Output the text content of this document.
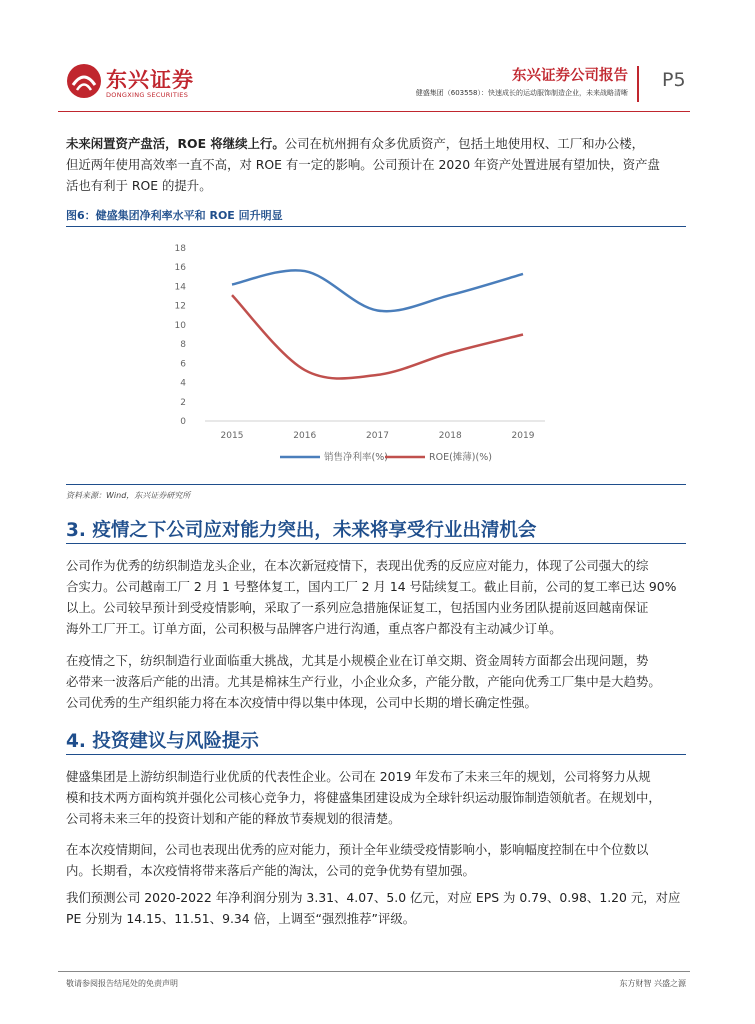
东兴证券
DONGXING SECURITIES
东兴证券公司报告
健盛集团（603558）：快速成长的运动服饰制造企业，未来战略清晰
P5

未来闲置资产盘活，ROE 将继续上行。公司在杭州拥有众多优质资产，包括土地使用权、工厂和办公楼，
但近两年使用高效率一直不高，对 ROE 有一定的影响。公司预计在 2020 年资产处置进展有望加快，资产盘
活也有利于 ROE 的提升。

图6：健盛集团净利率水平和 ROE 回升明显
0
2
4
6
8
10
12
14
16
18
2015	2016	2017	2018	2019
销售净利率(%)	ROE(摊薄)(%)
资料来源：Wind，东兴证券研究所
3. 疫情之下公司应对能力突出，未来将享受行业出清机会

公司作为优秀的纺织制造龙头企业，在本次新冠疫情下，表现出优秀的反应应对能力，体现了公司强大的综
合实力。公司越南工厂 2 月 1 号整体复工，国内工厂 2 月 14 号陆续复工。截止目前，公司的复工率已达 90%
以上。公司较早预计到受疫情影响，采取了一系列应急措施保证复工，包括国内业务团队提前返回越南保证
海外工厂开工。订单方面，公司积极与品牌客户进行沟通，重点客户都没有主动减少订单。

在疫情之下，纺织制造行业面临重大挑战，尤其是小规模企业在订单交期、资金周转方面都会出现问题，势
必带来一波落后产能的出清。尤其是棉袜生产行业，小企业众多，产能分散，产能向优秀工厂集中是大趋势。
公司优秀的生产组织能力将在本次疫情中得以集中体现，公司中长期的增长确定性强。

4. 投资建议与风险提示

健盛集团是上游纺织制造行业优质的代表性企业。公司在 2019 年发布了未来三年的规划，公司将努力从规
模和技术两方面构筑并强化公司核心竞争力，将健盛集团建设成为全球针织运动服饰制造领航者。在规划中，
公司将未来三年的投资计划和产能的释放节奏规划的很清楚。

在本次疫情期间，公司也表现出优秀的应对能力，预计全年业绩受疫情影响小，影响幅度控制在中个位数以
内。长期看，本次疫情将带来落后产能的淘汰，公司的竞争优势有望加强。

我们预测公司 2020-2022 年净利润分别为 3.31、4.07、5.0 亿元，对应 EPS 为 0.79、0.98、1.20 元，对应
PE 分别为 14.15、11.51、9.34 倍，上调至“强烈推荐”评级。

敬请参阅报告结尾处的免责声明	东方财智 兴盛之源
